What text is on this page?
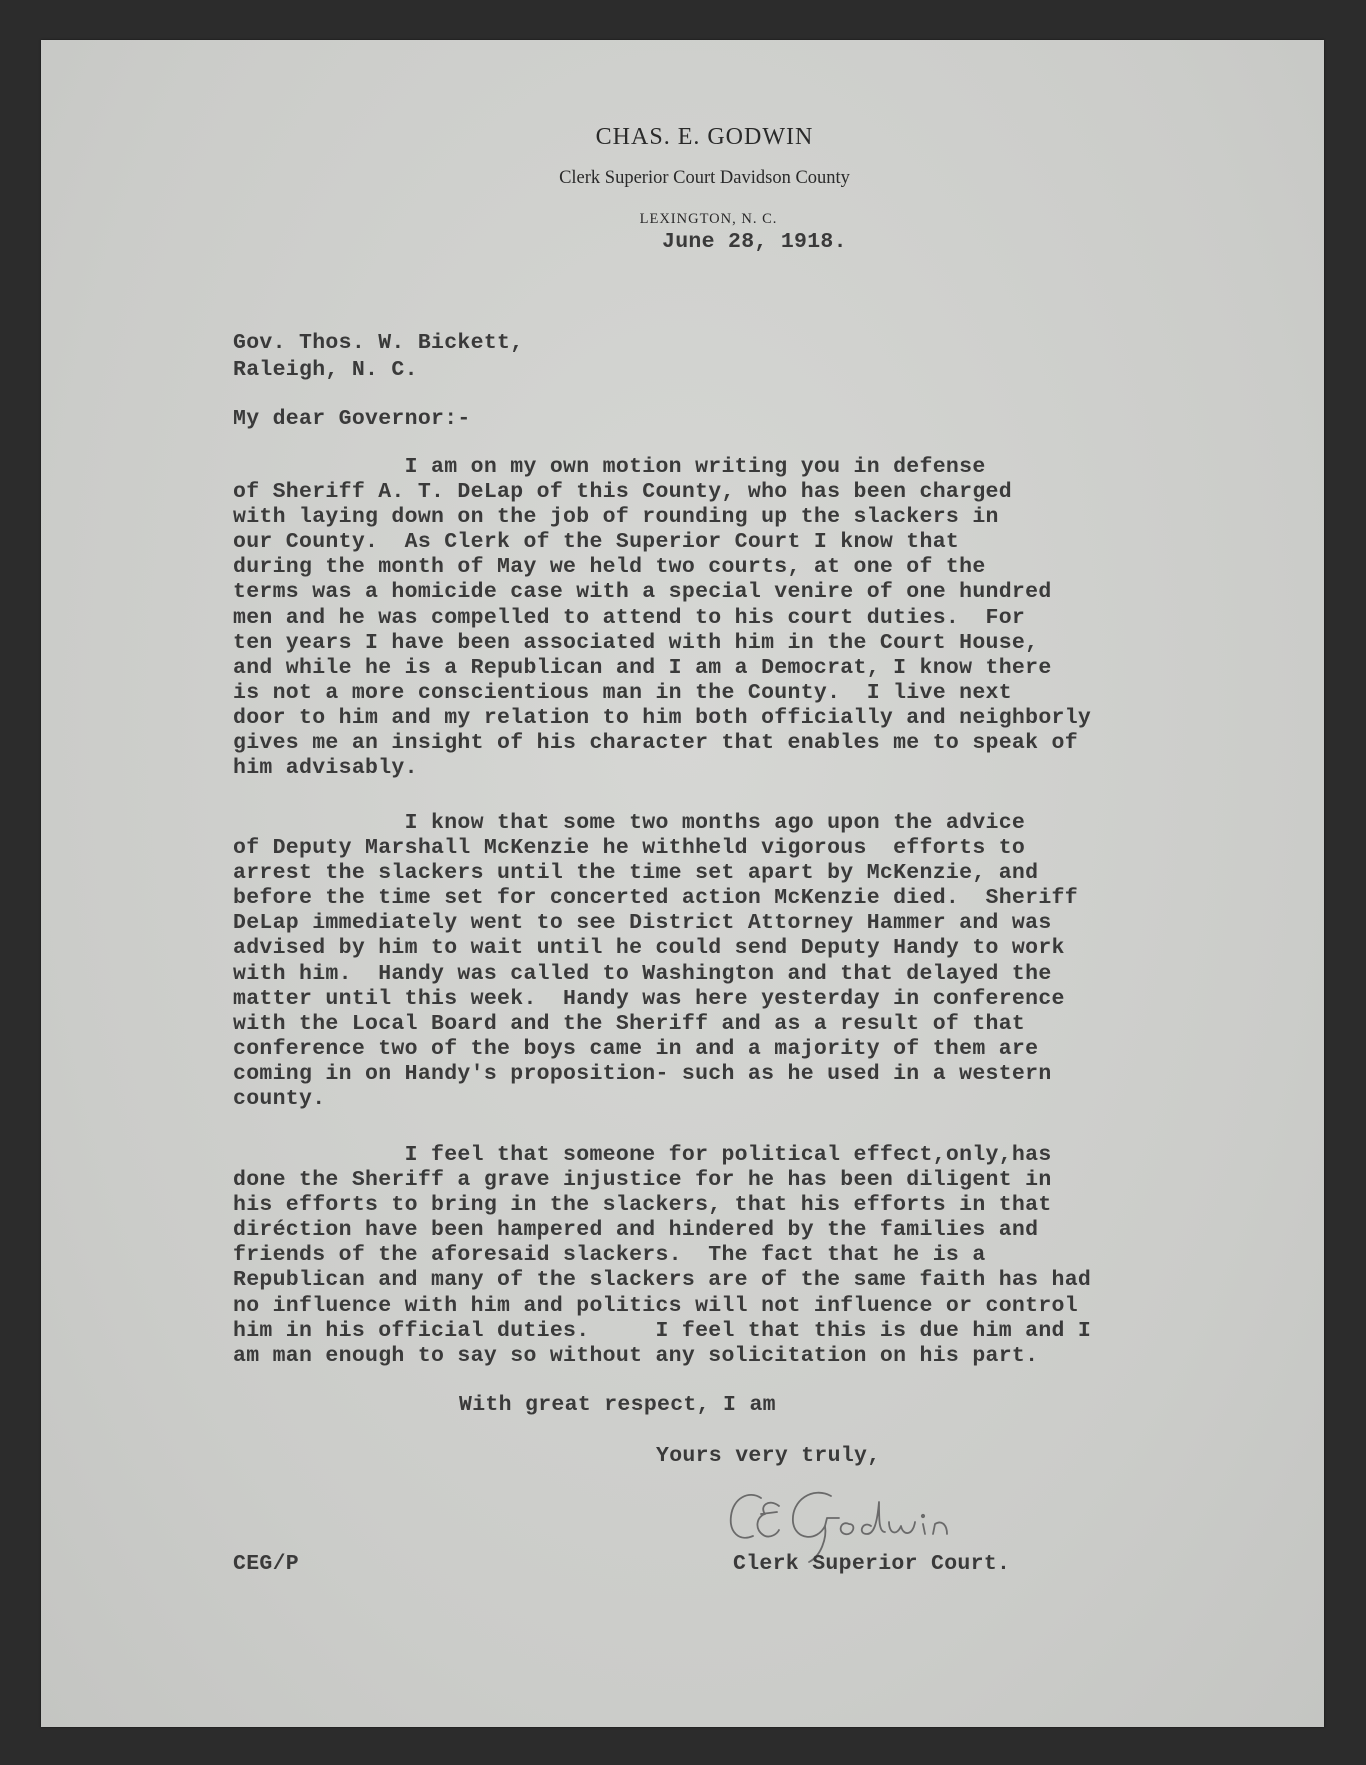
CHAS. E. GODWIN
Clerk Superior Court Davidson County
LEXINGTON, N. C.

June 28, 1918.

Gov. Thos. W. Bickett,

Raleigh, N. C.

My dear Governor:-

I am on my own motion writing you in defense
of Sheriff A. T. DeLap of this County, who has been charged
with laying down on the job of rounding up the slackers in
our County.  As Clerk of the Superior Court I know that
during the month of May we held two courts, at one of the
terms was a homicide case with a special venire of one hundred
men and he was compelled to attend to his court duties.  For
ten years I have been associated with him in the Court House,
and while he is a Republican and I am a Democrat, I know there
is not a more conscientious man in the County.  I live next
door to him and my relation to him both officially and neighborly
gives me an insight of his character that enables me to speak of
him advisably.
I know that some two months ago upon the advice
of Deputy Marshall McKenzie he withheld vigorous  efforts to
arrest the slackers until the time set apart by McKenzie, and
before the time set for concerted action McKenzie died.  Sheriff
DeLap immediately went to see District Attorney Hammer and was
advised by him to wait until he could send Deputy Handy to work
with him.  Handy was called to Washington and that delayed the
matter until this week.  Handy was here yesterday in conference
with the Local Board and the Sheriff and as a result of that
conference two of the boys came in and a majority of them are
coming in on Handy's proposition- such as he used in a western
county.
I feel that someone for political effect,only,has
done the Sheriff a grave injustice for he has been diligent in
his efforts to bring in the slackers, that his efforts in that
diréction have been hampered and hindered by the families and
friends of the aforesaid slackers.  The fact that he is a
Republican and many of the slackers are of the same faith has had
no influence with him and politics will not influence or control
him in his official duties.     I feel that this is due him and I
am man enough to say so without any solicitation on his part.

With great respect, I am

Yours very truly,

CEG/P	Clerk Superior Court.
